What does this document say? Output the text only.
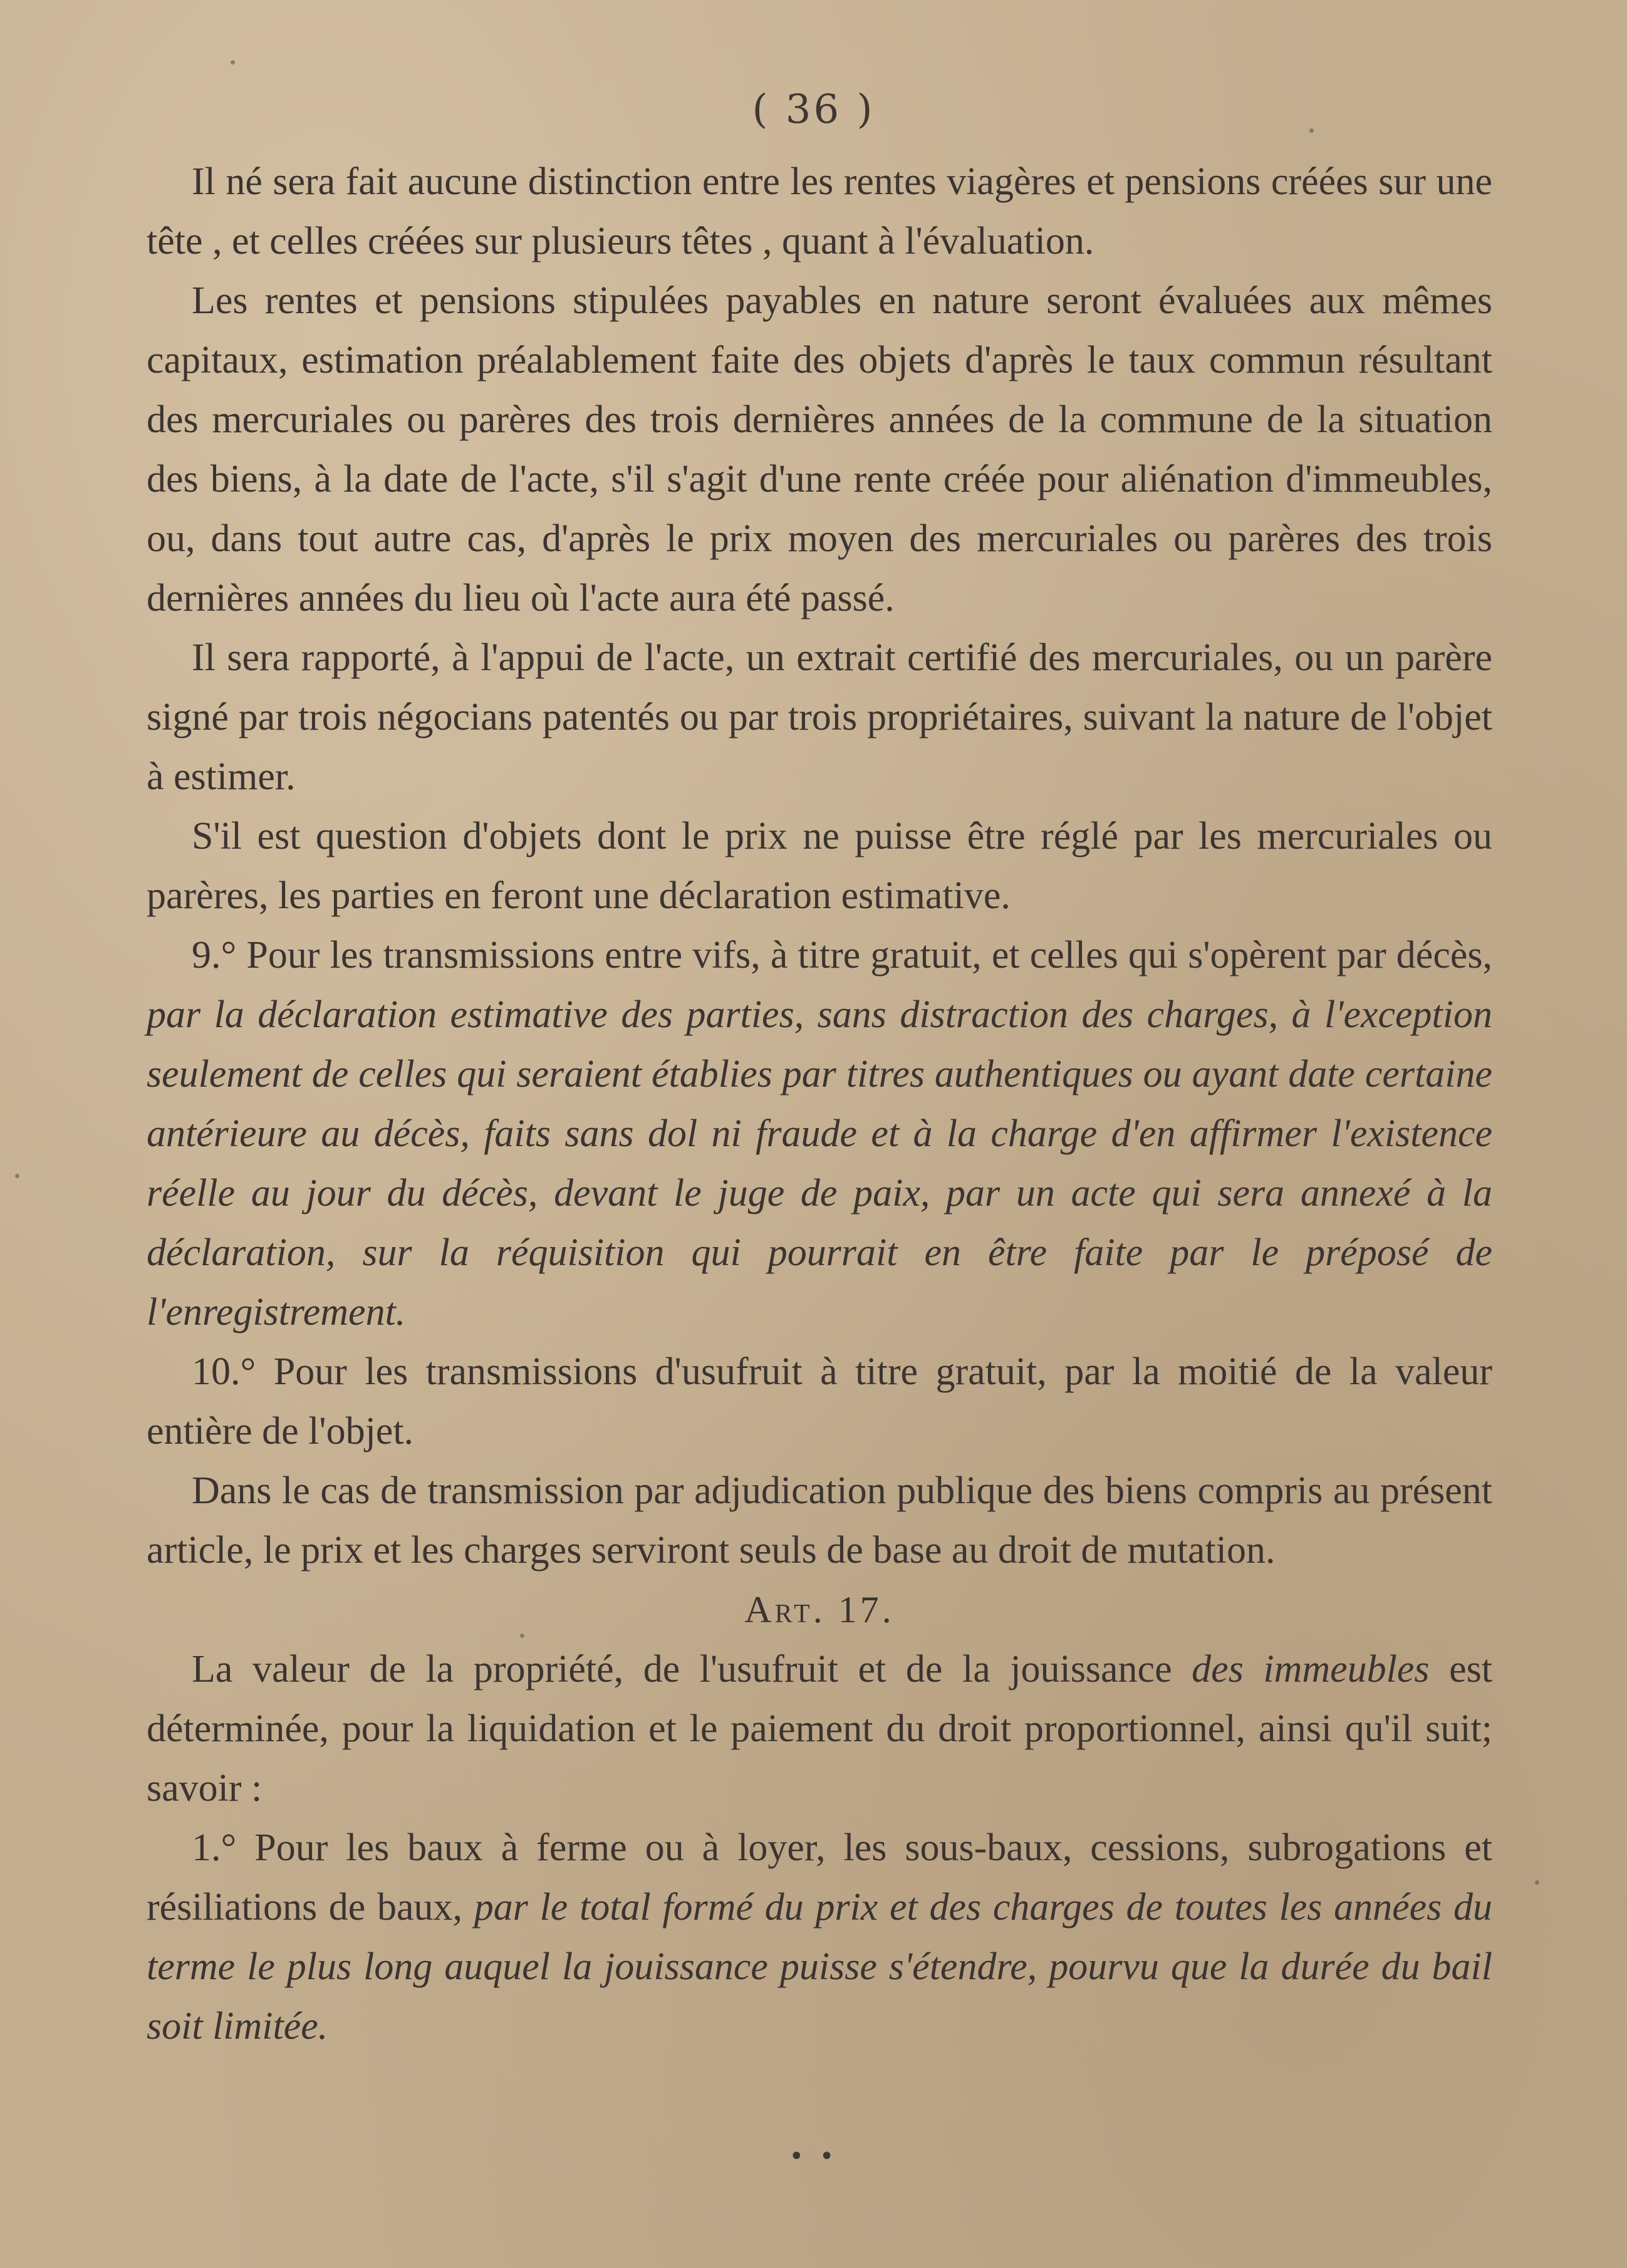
( 36 )

Il né sera fait aucune distinction entre les rentes viagères et pensions créées sur une tête , et celles créées sur plusieurs têtes , quant à l'évaluation.

Les rentes et pensions stipulées payables en nature seront évaluées aux mêmes capitaux, estimation préalablement faite des objets d'après le taux commun résultant des mercuriales ou parères des trois dernières années de la commune de la situation des biens, à la date de l'acte, s'il s'agit d'une rente créée pour aliénation d'immeubles, ou, dans tout autre cas, d'après le prix moyen des mercuriales ou parères des trois dernières années du lieu où l'acte aura été passé.

Il sera rapporté, à l'appui de l'acte, un extrait certifié des mercuriales, ou un parère signé par trois négocians patentés ou par trois propriétaires, suivant la nature de l'objet à estimer.

S'il est question d'objets dont le prix ne puisse être réglé par les mercuriales ou parères, les parties en feront une déclaration estimative.

9.° Pour les transmissions entre vifs, à titre gratuit, et celles qui s'opèrent par décès, par la déclaration estimative des parties, sans distraction des charges, à l'exception seulement de celles qui seraient établies par titres authentiques ou ayant date certaine antérieure au décès, faits sans dol ni fraude et à la charge d'en affirmer l'existence réelle au jour du décès, devant le juge de paix, par un acte qui sera annexé à la déclaration, sur la réquisition qui pourrait en être faite par le préposé de l'enregistrement.

10.° Pour les transmissions d'usufruit à titre gratuit, par la moitié de la valeur entière de l'objet.

Dans le cas de transmission par adjudication publique des biens compris au présent article, le prix et les charges serviront seuls de base au droit de mutation.

Art. 17.

La valeur de la propriété, de l'usufruit et de la jouissance des immeubles est déterminée, pour la liquidation et le paiement du droit proportionnel, ainsi qu'il suit; savoir :

1.° Pour les baux à ferme ou à loyer, les sous-baux, cessions, subrogations et résiliations de baux, par le total formé du prix et des charges de toutes les années du terme le plus long auquel la jouissance puisse s'étendre, pourvu que la durée du bail soit limitée.

• •
